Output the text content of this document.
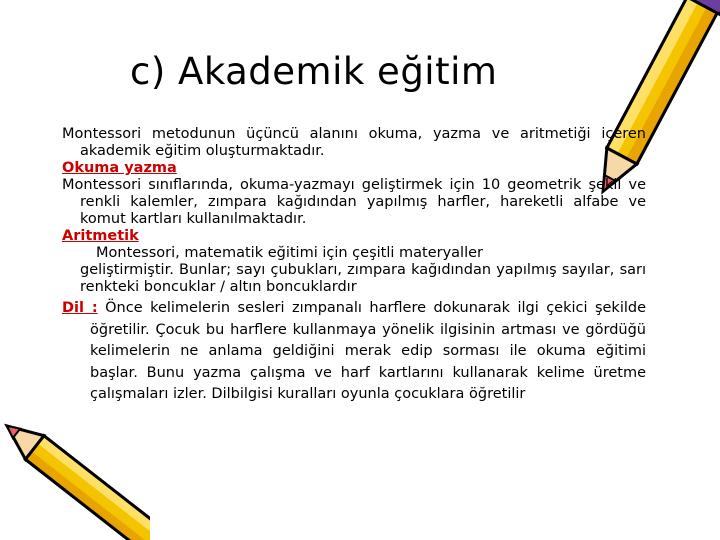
c) Akademik eğitim

Montessori metodunun üçüncü alanını okuma, yazma ve aritmetiği içeren akademik eğitim oluşturmaktadır.

Okuma yazma

Montessori sınıflarında, okuma-yazmayı geliştirmek için 10 geometrik şekil ve renkli kalemler, zımpara kağıdından yapılmış harfler, hareketli alfabe ve komut kartları kullanılmaktadır.

Aritmetik

Montessori, matematik eğitimi için çeşitli materyaller
geliştirmiştir. Bunlar; sayı çubukları, zımpara kağıdından yapılmış sayılar, sarı renkteki boncuklar / altın boncuklardır

Dil : Önce kelimelerin sesleri zımpanalı harflere dokunarak ilgi çekici şekilde öğretilir. Çocuk bu harflere kullanmaya yönelik ilgisinin artması ve gördüğü kelimelerin ne anlama geldiğini merak edip sorması ile okuma eğitimi başlar. Bunu yazma çalışma ve harf kartlarını kullanarak kelime üretme çalışmaları izler. Dilbilgisi kuralları oyunla çocuklara öğretilir
